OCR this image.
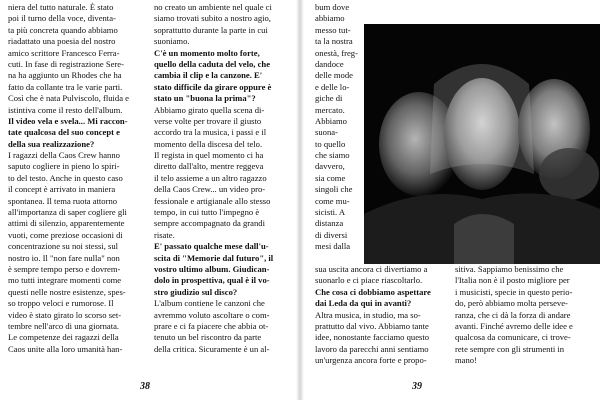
niera del tutto naturale. È stato
poi il turno della voce, diventa-
ta più concreta quando abbiamo
riadattato una poesia del nostro
amico scrittore Francesco Ferra-
cuti. In fase di registrazione Sere-
na ha aggiunto un Rhodes che ha
fatto da collante tra le varie parti.
Così che è nata Pulviscolo, fluida e
istintiva come il resto dell'album.
Il video vela e svela... Mi raccon-
tate qualcosa del suo concept e
della sua realizzazione?
I ragazzi della Caos Crew hanno
saputo cogliere in pieno lo spiri-
to del testo. Anche in questo caso
il concept è arrivato in maniera
spontanea. Il tema ruota attorno
all'importanza di saper cogliere gli
attimi di silenzio, apparentemente
vuoti, come preziose occasioni di
concentrazione su noi stessi, sul
nostro io. Il "non fare nulla" non
è sempre tempo perso e dovrem-
mo tutti integrare momenti come
questi nelle nostre esistenze, spes-
so troppo veloci e rumorose. Il
video è stato girato lo scorso set-
tembre nell'arco di una giornata.
Le competenze dei ragazzi della
Caos unite alla loro umanità han-
no creato un ambiente nel quale ci
siamo trovati subito a nostro agio,
soprattutto durante la parte in cui
suoniamo.
C'è un momento molto forte,
quello della caduta del velo, che
cambia il clip e la canzone. E'
stato difficile da girare oppure è
stato un "buona la prima"?
Abbiamo girato quella scena di-
verse volte per trovare il giusto
accordo tra la musica, i passi e il
momento della discesa del telo.
Il regista in quel momento ci ha
diretto dall'alto, mentre reggeva
il telo assieme a un altro ragazzo
della Caos Crew... un video pro-
fessionale e artigianale allo stesso
tempo, in cui tutto l'impegno è
sempre accompagnato da grandi
risate.
E' passato qualche mese dall'u-
scita di "Memorie dal futuro", il
vostro ultimo album. Giudican-
dolo in prospettiva, qual è il vo-
stro giudizio sul disco?
L'album contiene le canzoni che
avremmo voluto ascoltare o com-
prare e ci fa piacere che abbia ot-
tenuto un bel riscontro da parte
della critica. Sicuramente è un al-
bum dove
abbiamo
messo tut-
ta la nostra
onestà, freg-
dandoce
delle mode
e delle lo-
giche di
mercato.
Abbiamo
suona-
to quello
che siamo
davvero,
sia come
singoli che
come mu-
sicisti. A
distanza
di diversi
mesi dalla
sua uscita ancora ci divertiamo a
suonarlo e ci piace riascoltarlo.
Che cosa ci dobbiamo aspettare
dai Leda da qui in avanti?
Altra musica, in studio, ma so-
prattutto dal vivo. Abbiamo tante
idee, nonostante facciamo questo
lavoro da parecchi anni sentiamo
un'urgenza ancora forte e propo-
sitiva. Sappiamo benissimo che
l'Italia non è il posto migliore per
i musicisti, specie in questo perio-
do, però abbiamo molta perseve-
ranza, che ci dà la forza di andare
avanti. Finché avremo delle idee e
qualcosa da comunicare, ci trove-
rete sempre con gli strumenti in
mano!
38	39
